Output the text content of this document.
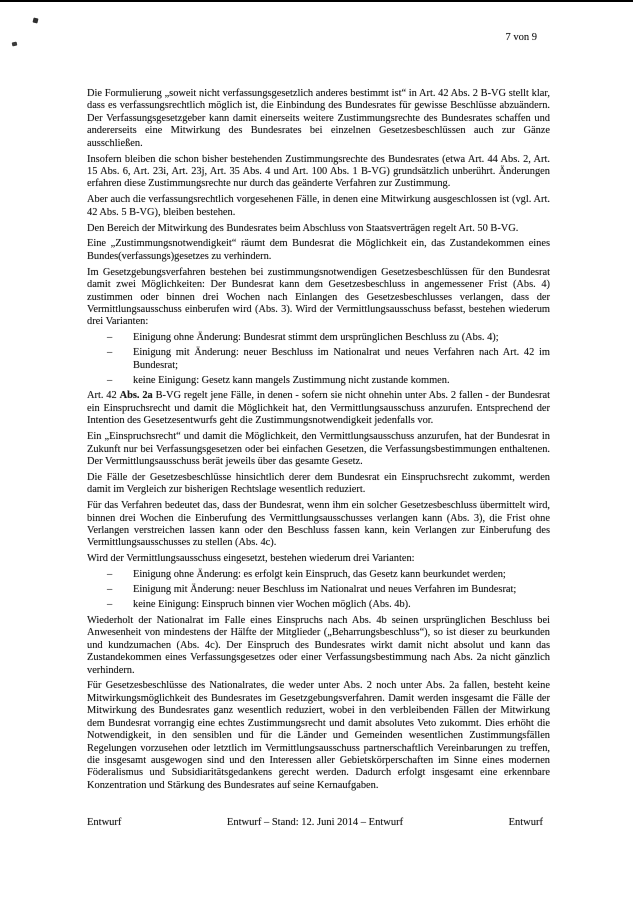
7 von 9

Die Formulierung „soweit nicht verfassungsgesetzlich anderes bestimmt ist“ in Art. 42 Abs. 2 B-VG stellt klar, dass es verfassungsrechtlich möglich ist, die Einbindung des Bundesrates für gewisse Beschlüsse abzuändern. Der Verfassungsgesetzgeber kann damit einerseits weitere Zustimmungsrechte des Bundesrates schaffen und andererseits eine Mitwirkung des Bundesrates bei einzelnen Gesetzesbeschlüssen auch zur Gänze ausschließen.

Insofern bleiben die schon bisher bestehenden Zustimmungsrechte des Bundesrates (etwa Art. 44 Abs. 2, Art. 15 Abs. 6, Art. 23i, Art. 23j, Art. 35 Abs. 4 und Art. 100 Abs. 1 B-VG) grundsätzlich unberührt. Änderungen erfahren diese Zustimmungsrechte nur durch das geänderte Verfahren zur Zustimmung.

Aber auch die verfassungsrechtlich vorgesehenen Fälle, in denen eine Mitwirkung ausgeschlossen ist (vgl. Art. 42 Abs. 5 B-VG), bleiben bestehen.

Den Bereich der Mitwirkung des Bundesrates beim Abschluss von Staatsverträgen regelt Art. 50 B-VG.

Eine „Zustimmungsnotwendigkeit“ räumt dem Bundesrat die Möglichkeit ein, das Zustandekommen eines Bundes(verfassungs)gesetzes zu verhindern.

Im Gesetzgebungsverfahren bestehen bei zustimmungsnotwendigen Gesetzesbeschlüssen für den Bundesrat damit zwei Möglichkeiten: Der Bundesrat kann dem Gesetzesbeschluss in angemessener Frist (Abs. 4) zustimmen oder binnen drei Wochen nach Einlangen des Gesetzesbeschlusses verlangen, dass der Vermittlungsausschuss einberufen wird (Abs. 3). Wird der Vermittlungsausschuss befasst, bestehen wiederum drei Varianten:

–	Einigung ohne Änderung: Bundesrat stimmt dem ursprünglichen Beschluss zu (Abs. 4);
–	Einigung mit Änderung: neuer Beschluss im Nationalrat und neues Verfahren nach Art. 42 im Bundesrat;
–	keine Einigung: Gesetz kann mangels Zustimmung nicht zustande kommen.

Art. 42 Abs. 2a B-VG regelt jene Fälle, in denen - sofern sie nicht ohnehin unter Abs. 2 fallen - der Bundesrat ein Einspruchsrecht und damit die Möglichkeit hat, den Vermittlungsausschuss anzurufen. Entsprechend der Intention des Gesetzesentwurfs geht die Zustimmungsnotwendigkeit jedenfalls vor.

Ein „Einspruchsrecht“ und damit die Möglichkeit, den Vermittlungsausschuss anzurufen, hat der Bundesrat in Zukunft nur bei Verfassungsgesetzen oder bei einfachen Gesetzen, die Verfassungsbestimmungen enthaltenen. Der Vermittlungsausschuss berät jeweils über das gesamte Gesetz.

Die Fälle der Gesetzesbeschlüsse hinsichtlich derer dem Bundesrat ein Einspruchsrecht zukommt, werden damit im Vergleich zur bisherigen Rechtslage wesentlich reduziert.

Für das Verfahren bedeutet das, dass der Bundesrat, wenn ihm ein solcher Gesetzesbeschluss übermittelt wird, binnen drei Wochen die Einberufung des Vermittlungsausschusses verlangen kann (Abs. 3), die Frist ohne Verlangen verstreichen lassen kann oder den Beschluss fassen kann, kein Verlangen zur Einberufung des Vermittlungsausschusses zu stellen (Abs. 4c).

Wird der Vermittlungsausschuss eingesetzt, bestehen wiederum drei Varianten:

–	Einigung ohne Änderung: es erfolgt kein Einspruch, das Gesetz kann beurkundet werden;
–	Einigung mit Änderung: neuer Beschluss im Nationalrat und neues Verfahren im Bundesrat;
–	keine Einigung: Einspruch binnen vier Wochen möglich (Abs. 4b).

Wiederholt der Nationalrat im Falle eines Einspruchs nach Abs. 4b seinen ursprünglichen Beschluss bei Anwesenheit von mindestens der Hälfte der Mitglieder („Beharrungsbeschluss“), so ist dieser zu beurkunden und kundzumachen (Abs. 4c). Der Einspruch des Bundesrates wirkt damit nicht absolut und kann das Zustandekommen eines Verfassungsgesetzes oder einer Verfassungsbestimmung nach Abs. 2a nicht gänzlich verhindern.

Für Gesetzesbeschlüsse des Nationalrates, die weder unter Abs. 2 noch unter Abs. 2a fallen, besteht keine Mitwirkungsmöglichkeit des Bundesrates im Gesetzgebungsverfahren. Damit werden insgesamt die Fälle der Mitwirkung des Bundesrates ganz wesentlich reduziert, wobei in den verbleibenden Fällen der Mitwirkung dem Bundesrat vorrangig eine echtes Zustimmungsrecht und damit absolutes Veto zukommt. Dies erhöht die Notwendigkeit, in den sensiblen und für die Länder und Gemeinden wesentlichen Zustimmungsfällen Regelungen vorzusehen oder letztlich im Vermittlungsausschuss partnerschaftlich Vereinbarungen zu treffen, die insgesamt ausgewogen sind und den Interessen aller Gebietskörperschaften im Sinne eines modernen Föderalismus und Subsidiaritätsgedankens gerecht werden. Dadurch erfolgt insgesamt eine erkennbare Konzentration und Stärkung des Bundesrates auf seine Kernaufgaben.

Entwurf	Entwurf – Stand: 12. Juni 2014 – Entwurf	Entwurf
